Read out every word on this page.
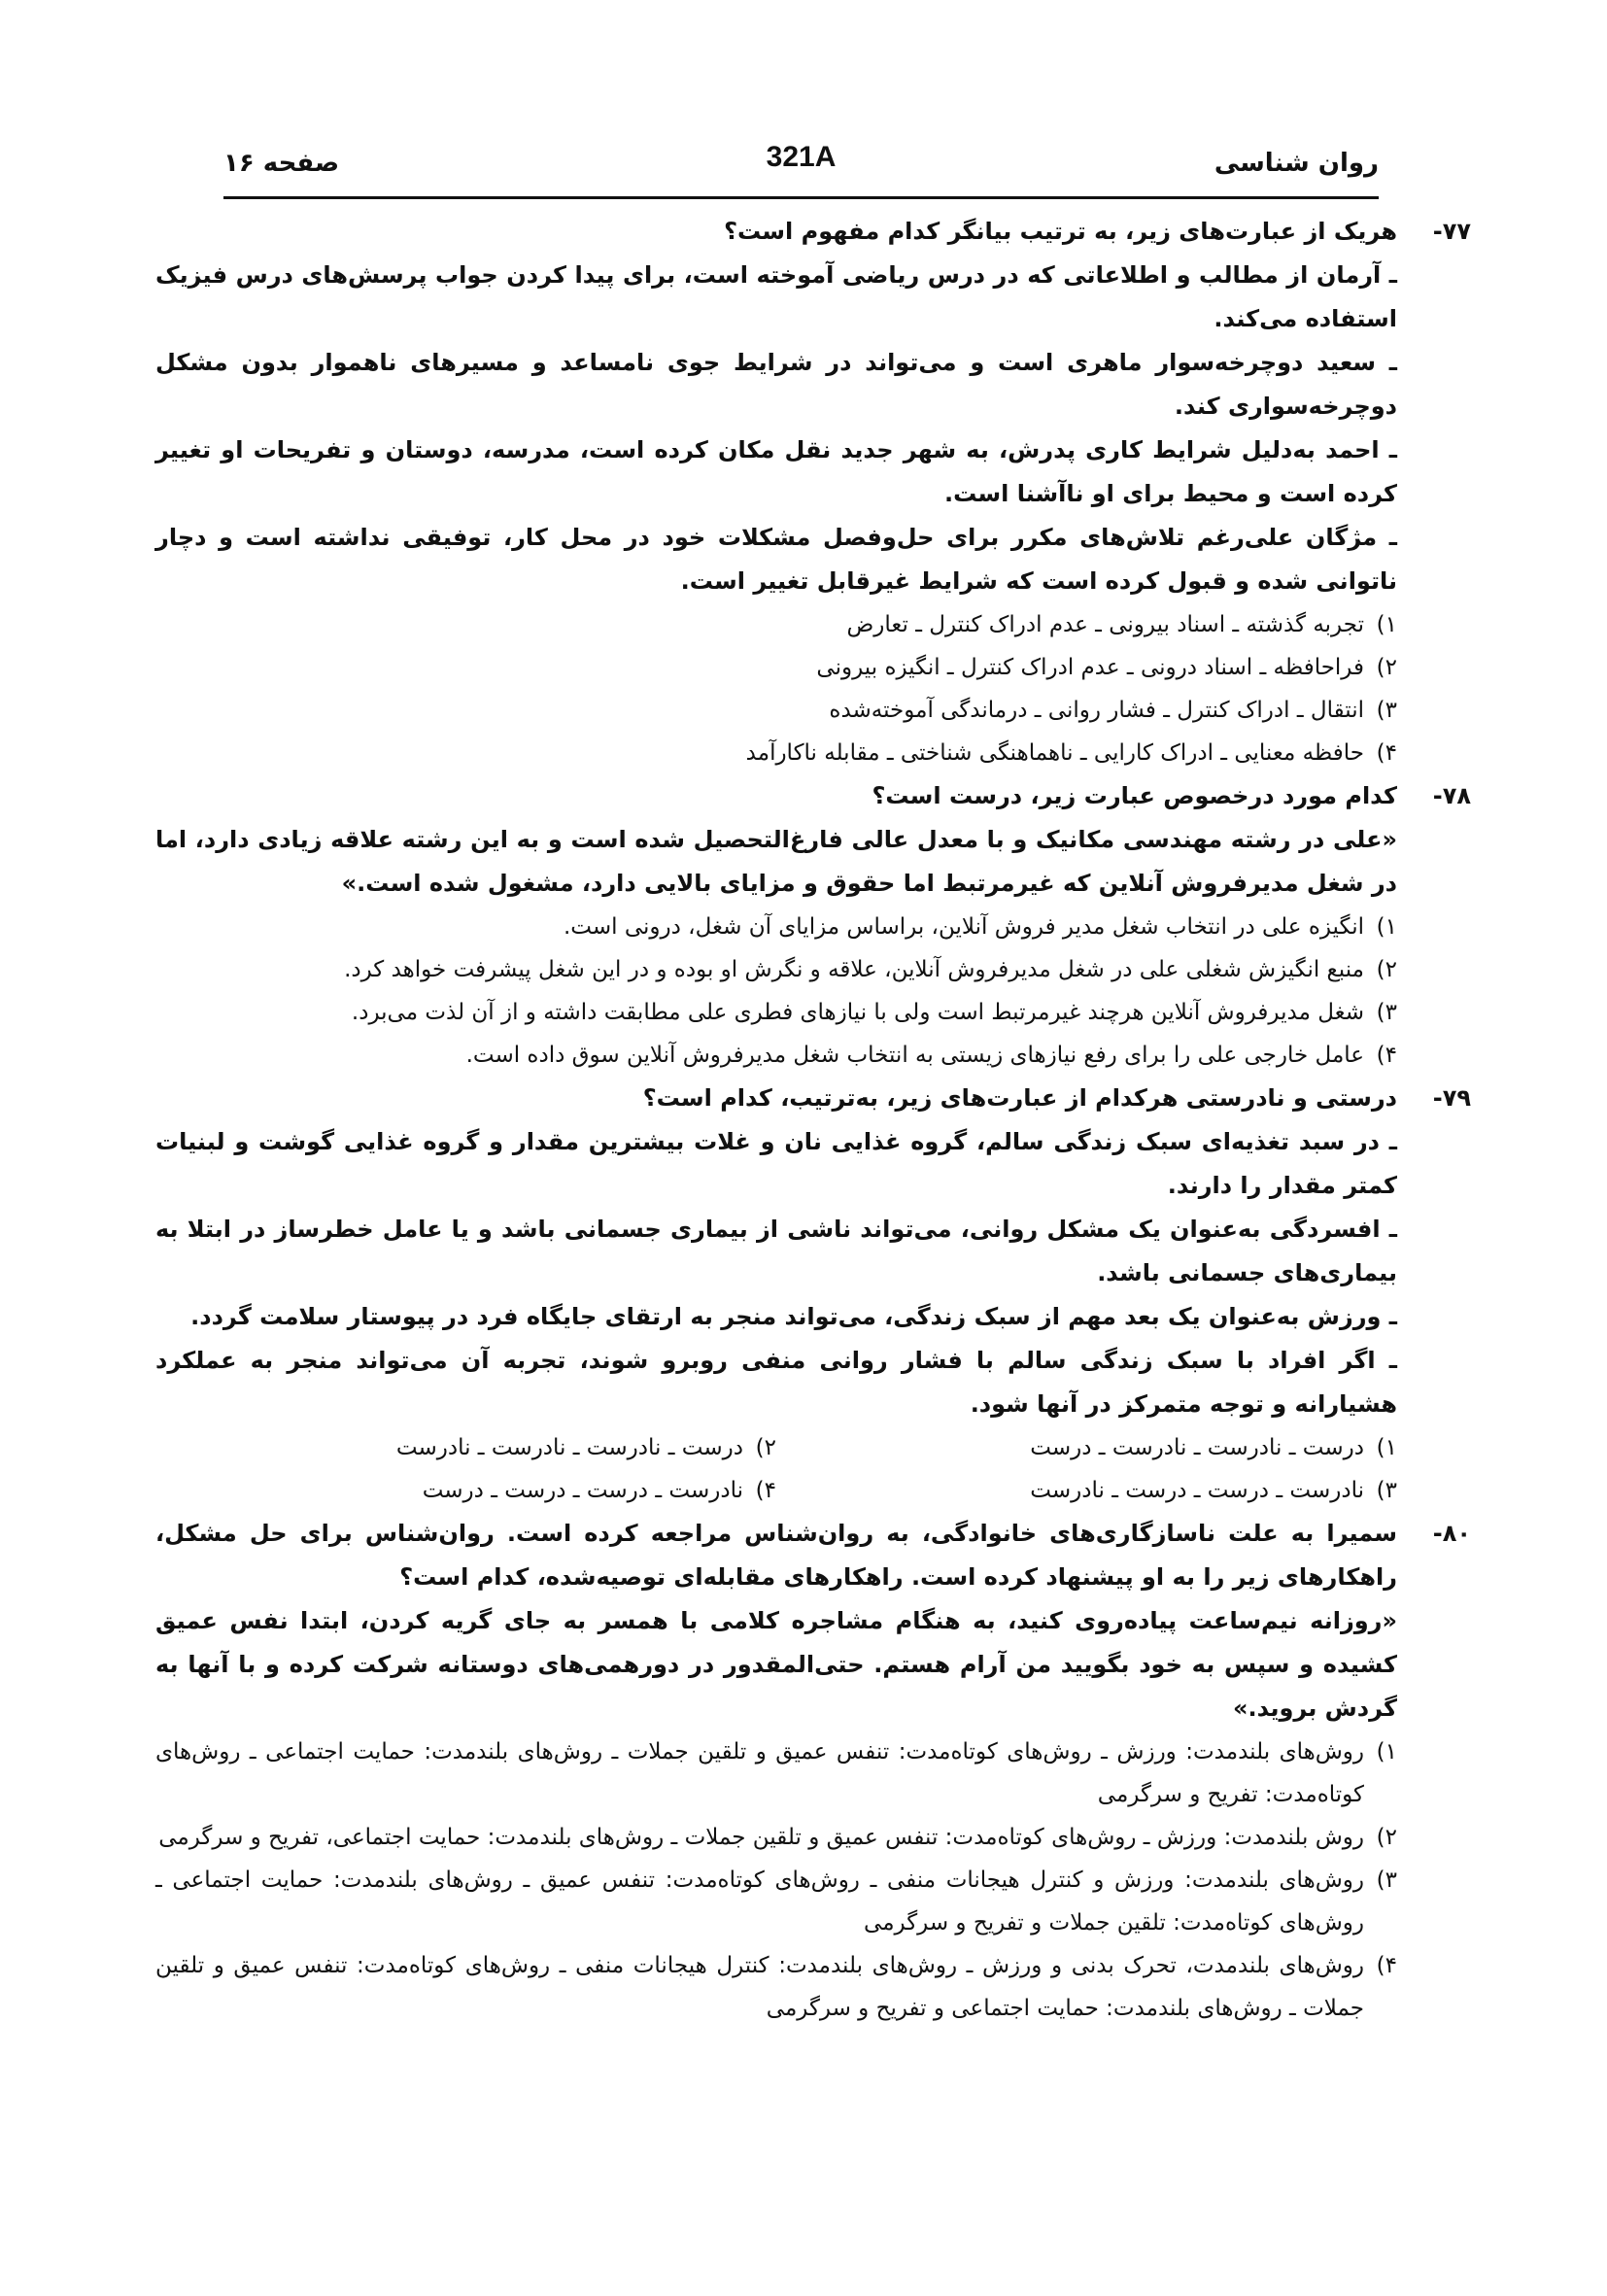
روان شناسی
321A
صفحه ۱۶
۷۷-

هریک از عبارت‌های زیر، به ترتیب بیانگر کدام مفهوم است؟

ـ آرمان از مطالب و اطلاعاتی که در درس ریاضی آموخته است، برای پیدا کردن جواب پرسش‌های درس فیزیک استفاده می‌کند.

ـ سعید دوچرخه‌سوار ماهری است و می‌تواند در شرایط جوی نامساعد و مسیرهای ناهموار بدون مشکل دوچرخه‌سواری کند.

ـ احمد به‌دلیل شرایط کاری پدرش، به شهر جدید نقل مکان کرده است، مدرسه، دوستان و تفریحات او تغییر کرده است و محیط برای او ناآشنا است.

ـ مژگان علی‌رغم تلاش‌های مکرر برای حل‌وفصل مشکلات خود در محل کار، توفیقی نداشته است و دچار ناتوانی شده و قبول کرده است که شرایط غیرقابل تغییر است.

۱)تجربه گذشته ـ اسناد بیرونی ـ عدم ادراک کنترل ـ تعارض

۲)فراحافظه ـ اسناد درونی ـ عدم ادراک کنترل ـ انگیزه بیرونی

۳)انتقال ـ ادراک کنترل ـ فشار روانی ـ درماندگی آموخته‌شده

۴)حافظه معنایی ـ ادراک کارایی ـ ناهماهنگی شناختی ـ مقابله ناکارآمد

۷۸-

کدام مورد درخصوص عبارت زیر، درست است؟

«علی در رشته مهندسی مکانیک و با معدل عالی فارغ‌التحصیل شده است و به این رشته علاقه زیادی دارد، اما در شغل مدیرفروش آنلاین که غیرمرتبط اما حقوق و مزایای بالایی دارد، مشغول شده است.»

۱)انگیزه علی در انتخاب شغل مدیر فروش آنلاین، براساس مزایای آن شغل، درونی است.

۲)منبع انگیزش شغلی علی در شغل مدیرفروش آنلاین، علاقه و نگرش او بوده و در این شغل پیشرفت خواهد کرد.

۳)شغل مدیرفروش آنلاین هرچند غیرمرتبط است ولی با نیازهای فطری علی مطابقت داشته و از آن لذت می‌برد.

۴)عامل خارجی علی را برای رفع نیازهای زیستی به انتخاب شغل مدیرفروش آنلاین سوق داده است.

۷۹-

درستی و نادرستی هرکدام از عبارت‌های زیر، به‌ترتیب، کدام است؟

ـ در سبد تغذیه‌ای سبک زندگی سالم، گروه غذایی نان و غلات بیشترین مقدار و گروه غذایی گوشت و لبنیات کمتر مقدار را دارند.

ـ افسردگی به‌عنوان یک مشکل روانی، می‌تواند ناشی از بیماری جسمانی باشد و یا عامل خطرساز در ابتلا به بیماری‌های جسمانی باشد.

ـ ورزش به‌عنوان یک بعد مهم از سبک زندگی، می‌تواند منجر به ارتقای جایگاه فرد در پیوستار سلامت گردد.

ـ اگر افراد با سبک زندگی سالم با فشار روانی منفی روبرو شوند، تجربه آن می‌تواند منجر به عملکرد هشیارانه و توجه متمرکز در آنها شود.

۱)درست ـ نادرست ـ نادرست ـ درست

۲)درست ـ نادرست ـ نادرست ـ نادرست

۳)نادرست ـ درست ـ درست ـ نادرست

۴)نادرست ـ درست ـ درست ـ درست

۸۰-

سمیرا به علت ناسازگاری‌های خانوادگی، به روان‌شناس مراجعه کرده است. روان‌شناس برای حل مشکل، راهکارهای زیر را به او پیشنهاد کرده است. راهکارهای مقابله‌ای توصیه‌شده، کدام است؟

«روزانه نیم‌ساعت پیاده‌روی کنید، به هنگام مشاجره کلامی با همسر به جای گریه کردن، ابتدا نفس عمیق کشیده و سپس به خود بگویید من آرام هستم. حتی‌المقدور در دورهمی‌های دوستانه شرکت کرده و با آنها به گردش بروید.»

۱)روش‌های بلندمدت: ورزش ـ روش‌های کوتاه‌مدت: تنفس عمیق و تلقین جملات ـ روش‌های بلندمدت: حمایت اجتماعی ـ روش‌های کوتاه‌مدت: تفریح و سرگرمی

۲)روش بلندمدت: ورزش ـ روش‌های کوتاه‌مدت: تنفس عمیق و تلقین جملات ـ روش‌های بلندمدت: حمایت اجتماعی، تفریح و سرگرمی

۳)روش‌های بلندمدت: ورزش و کنترل هیجانات منفی ـ روش‌های کوتاه‌مدت: تنفس عمیق ـ روش‌های بلندمدت: حمایت اجتماعی ـ روش‌های کوتاه‌مدت: تلقین جملات و تفریح و سرگرمی

۴)روش‌های بلندمدت، تحرک بدنی و ورزش ـ روش‌های بلندمدت: کنترل هیجانات منفی ـ روش‌های کوتاه‌مدت: تنفس عمیق و تلقین جملات ـ روش‌های بلندمدت: حمایت اجتماعی و تفریح و سرگرمی
